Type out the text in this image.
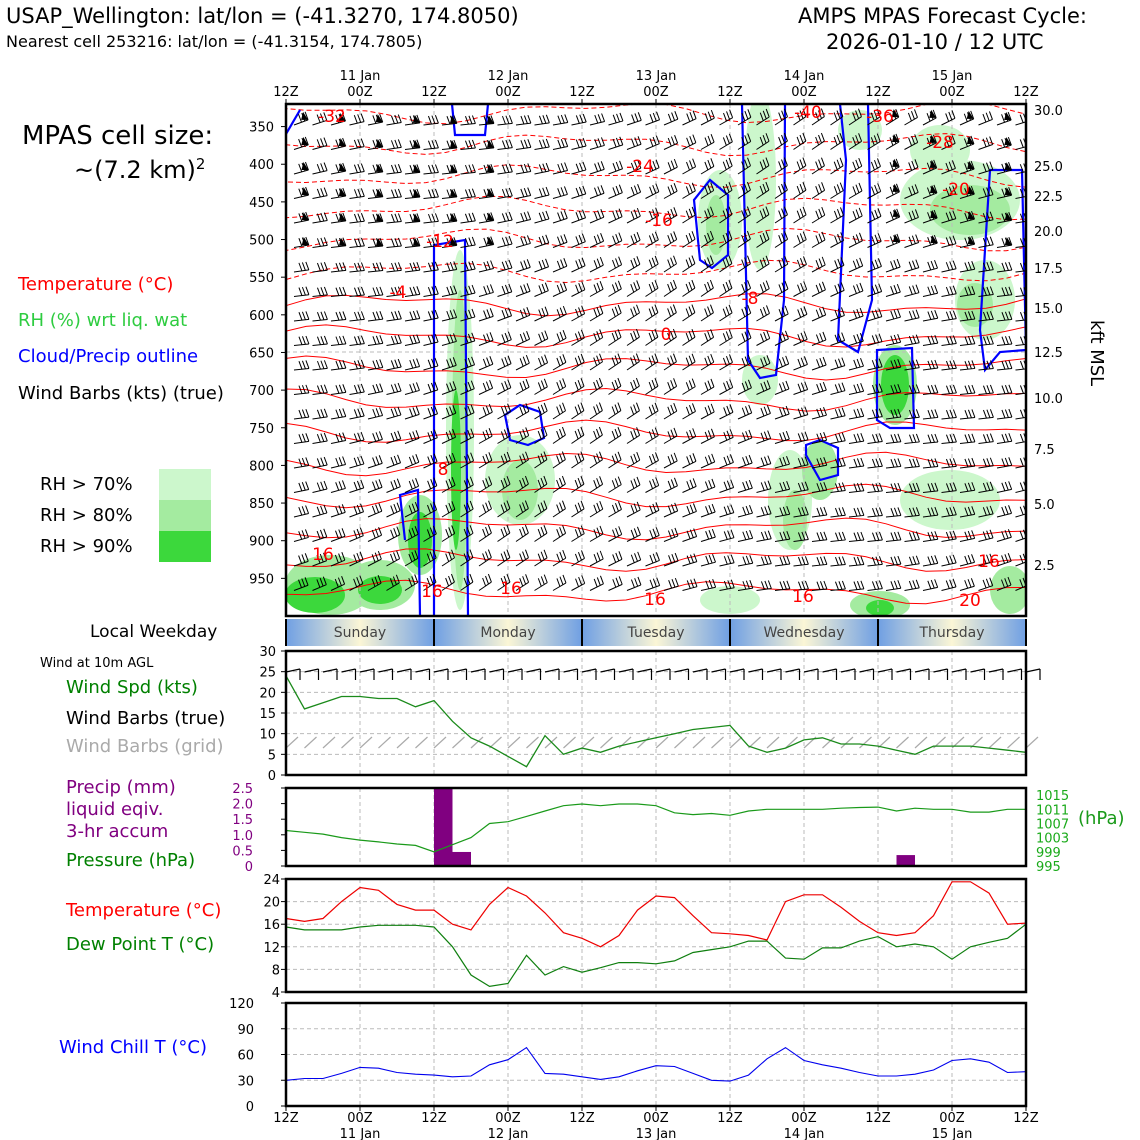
USAP_Wellington: lat/lon = (-41.3270, 174.8050)
Nearest cell 253216: lat/lon = (-41.3154, 174.7805)
AMPS MPAS Forecast Cycle:
2026-01-10 / 12 UTC
MPAS cell size:
~(7.2 km)$^2$
Temperature (°C)
RH (%) wrt liq. wat
Cloud/Precip outline
Wind Barbs (kts) (true)
RH > 70%
RH > 80%
RH > 90%
Local Weekday
Wind at 10m AGL
Wind Spd (kts)
Wind Barbs (true)
Wind Barbs (grid)
Precip (mm)
liquid eqiv.
3-hr accum
Pressure (hPa)
Temperature (°C)
Dew Point T (°C)
Wind Chill T (°C)
(hPa)
kft MSL
-32	-40	-36
-28
-24
-20
-16
-12
-8
-4
0
8
16
16	16
16	16
16
20
350
400
450
500
550
600
650
700
750
800
850
900
950
30.0
25.0
22.5
20.0
17.5
15.0
12.5
10.0
7.5
5.0
2.5
12Z	00Z	12Z	00Z	12Z	00Z	12Z	00Z	12Z	00Z	12Z
11 Jan	12 Jan	13 Jan	14 Jan	15 Jan
Sunday	Monday	Tuesday	Wednesday	Thursday
0
5
10
15
20
25
30
0
0.5
1.0
1.5
2.0
2.5
995
999
1003
1007
1011
1015
4
8
12
16
20
24
0
30
60
90
120
12Z	00Z	12Z	00Z	12Z	00Z	12Z	00Z	12Z	00Z	12Z
11 Jan	12 Jan	13 Jan	14 Jan	15 Jan
